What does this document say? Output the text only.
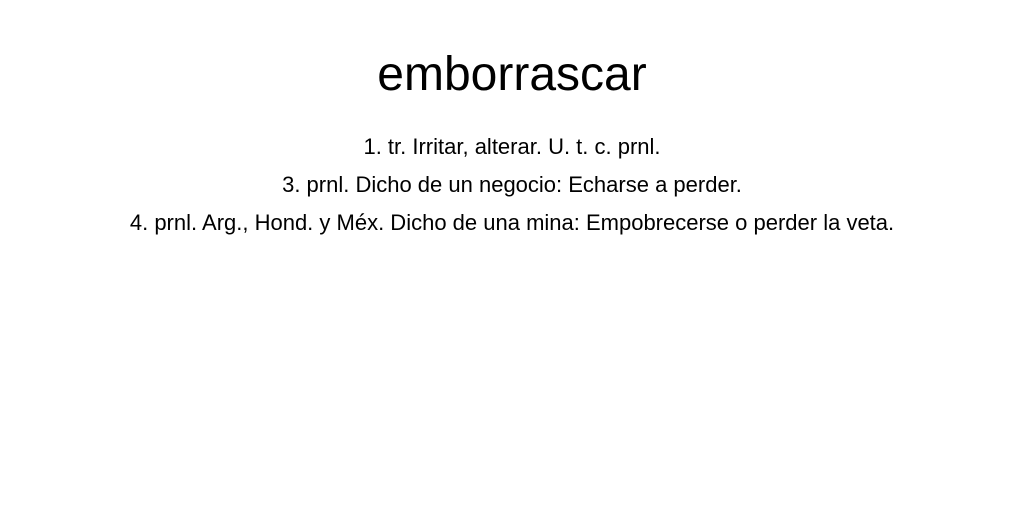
emborrascar
1. tr. Irritar, alterar. U. t. c. prnl.
3. prnl. Dicho de un negocio: Echarse a perder.
4. prnl. Arg., Hond. y Méx. Dicho de una mina: Empobrecerse o perder la veta.
